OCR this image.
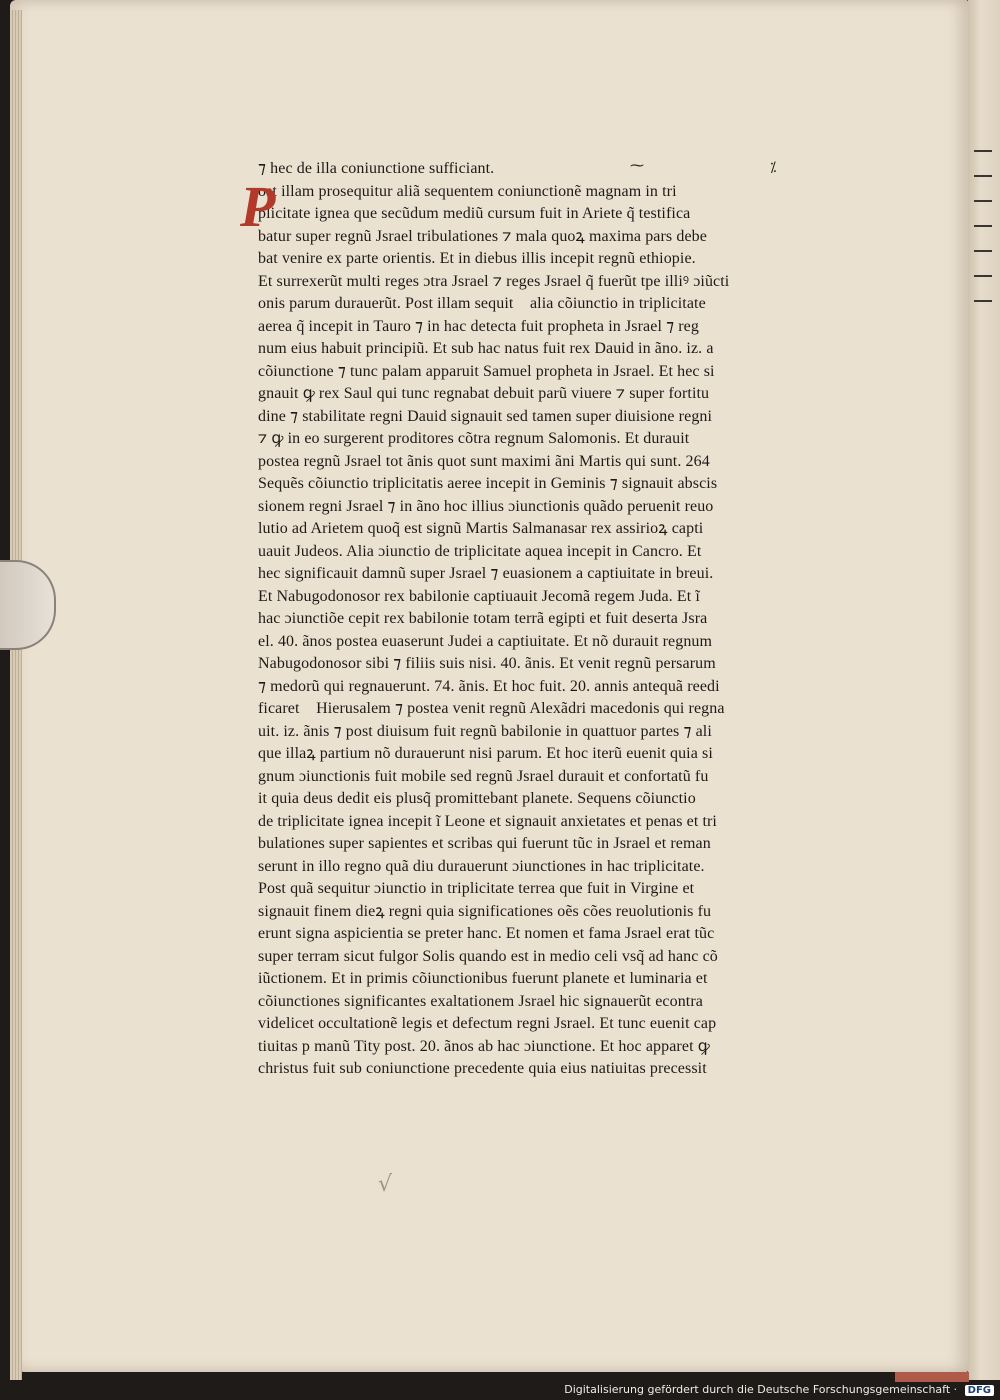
⁓	⁒
P
⁊ hec de illa coniunctione sufficiant.
ost illam prosequitur aliã sequentem coniunctionẽ magnam in tri
plicitate ignea que secũdum mediũ cursum fuit in Ariete q̃ testifica
batur super regnũ Jsrael tribulationes ⁊ mala quoꝝ maxima pars debe
bat venire ex parte orientis. Et in diebus illis incepit regnũ ethiopie.
Et surrexerũt multi reges ɔtra Jsrael ⁊ reges Jsrael q̃ fuerũt tpe illiꝰ ɔiũcti
onis parum durauerũt. Post illam sequit᷑ alia cõiunctio in triplicitate
aerea q̃ incepit in Tauro ⁊ in hac detecta fuit propheta in Jsrael ⁊ reg
num eius habuit principiũ. Et sub hac natus fuit rex Dauid in ãno. iz. a
cõiunctione ⁊ tunc palam apparuit Samuel propheta in Jsrael. Et hec si
gnauit ꝙ rex Saul qui tunc regnabat debuit parũ viuere ⁊ super fortitu
dine ⁊ stabilitate regni Dauid signauit sed tamen super diuisione regni
⁊ ꝙ in eo surgerent proditores cõtra regnum Salomonis. Et durauit
postea regnũ Jsrael tot ãnis quot sunt maximi ãni Martis qui sunt. 264
Sequẽs cõiunctio triplicitatis aeree incepit in Geminis ⁊ signauit abscis
sionem regni Jsrael ⁊ in ãno hoc illius ɔiunctionis quãdo peruenit reuo
lutio ad Arietem quoq̃ est signũ Martis Salmanasar rex assirioꝝ capti
uauit Judeos. Alia ɔiunctio de triplicitate aquea incepit in Cancro. Et
hec significauit damnũ super Jsrael ⁊ euasionem a captiuitate in breui.
Et Nabugodonosor rex babilonie captiuauit Jecomã regem Juda. Et ĩ
hac ɔiunctiõe cepit rex babilonie totam terrã egipti et fuit deserta Jsra
el. 40. ãnos postea euaserunt Judei a captiuitate. Et nõ durauit regnum
Nabugodonosor sibi ⁊ filiis suis nisi. 40. ãnis. Et venit regnũ persarum
⁊ medorũ qui regnauerunt. 74. ãnis. Et hoc fuit. 20. annis antequã reedi
ficaret᷑ Hierusalem ⁊ postea venit regnũ Alexãdri macedonis qui regna
uit. iz. ãnis ⁊ post diuisum fuit regnũ babilonie in quattuor partes ⁊ ali
que illaꝝ partium nõ durauerunt nisi parum. Et hoc iterũ euenit quia si
gnum ɔiunctionis fuit mobile sed regnũ Jsrael durauit et confortatũ fu
it quia deus dedit eis plusq̃ promittebant planete. Sequens cõiunctio
de triplicitate ignea incepit ĩ Leone et signauit anxietates et penas et tri
bulationes super sapientes et scribas qui fuerunt tũc in Jsrael et reman
serunt in illo regno quã diu durauerunt ɔiunctiones in hac triplicitate.
Post quã sequitur ɔiunctio in triplicitate terrea que fuit in Virgine et
signauit finem dieꝝ regni quia significationes oẽs cões reuolutionis fu
erunt signa aspicientia se preter hanc. Et nomen et fama Jsrael erat tũc
super terram sicut fulgor Solis quando est in medio celi vsq̃ ad hanc cõ
iũctionem. Et in primis cõiunctionibus fuerunt planete et luminaria et
cõiunctiones significantes exaltationem Jsrael hic signauerũt econtra
videlicet occultationẽ legis et defectum regni Jsrael. Et tunc euenit cap
tiuitas p manũ Tity post. 20. ãnos ab hac ɔiunctione. Et hoc apparet ꝙ
christus fuit sub coniunctione precedente quia eius natiuitas precessit
√
Digitalisierung gefördert durch die Deutsche Forschungsgemeinschaft · DFG
